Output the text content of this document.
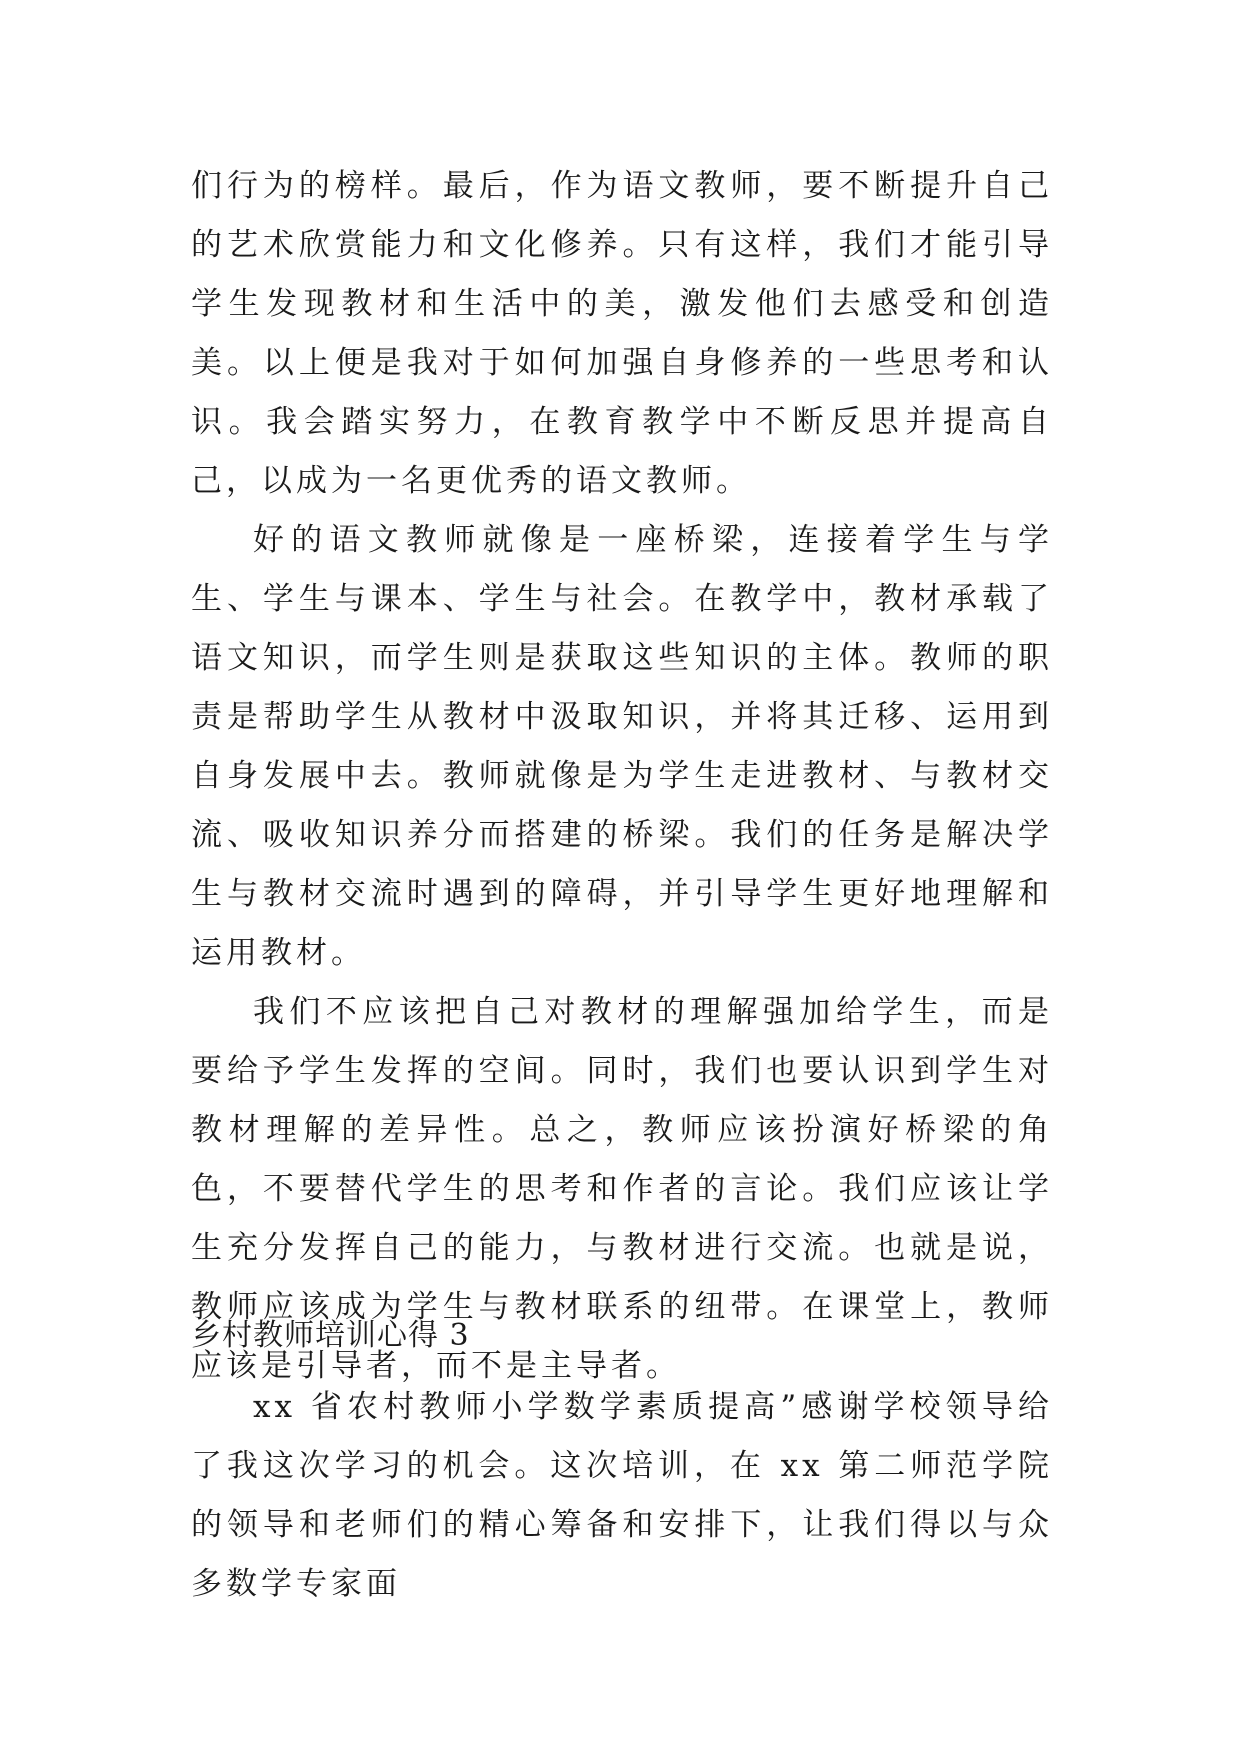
们行为的榜样。最后，作为语文教师，要不断提升自己的艺术欣赏能力和文化修养。只有这样，我们才能引导学生发现教材和生活中的美，激发他们去感受和创造美。以上便是我对于如何加强自身修养的一些思考和认识。我会踏实努力，在教育教学中不断反思并提高自己，以成为一名更优秀的语文教师。

好的语文教师就像是一座桥梁，连接着学生与学生、学生与课本、学生与社会。在教学中，教材承载了语文知识，而学生则是获取这些知识的主体。教师的职责是帮助学生从教材中汲取知识，并将其迁移、运用到自身发展中去。教师就像是为学生走进教材、与教材交流、吸收知识养分而搭建的桥梁。我们的任务是解决学生与教材交流时遇到的障碍，并引导学生更好地理解和运用教材。

我们不应该把自己对教材的理解强加给学生，而是要给予学生发挥的空间。同时，我们也要认识到学生对教材理解的差异性。总之，教师应该扮演好桥梁的角色，不要替代学生的思考和作者的言论。我们应该让学生充分发挥自己的能力，与教材进行交流。也就是说，教师应该成为学生与教材联系的纽带。在课堂上，教师应该是引导者，而不是主导者。

乡村教师培训心得 3

xx 省农村教师小学数学素质提高”感谢学校领导给了我这次学习的机会。这次培训，在 xx 第二师范学院的领导和老师们的精心筹备和安排下，让我们得以与众多数学专家面
